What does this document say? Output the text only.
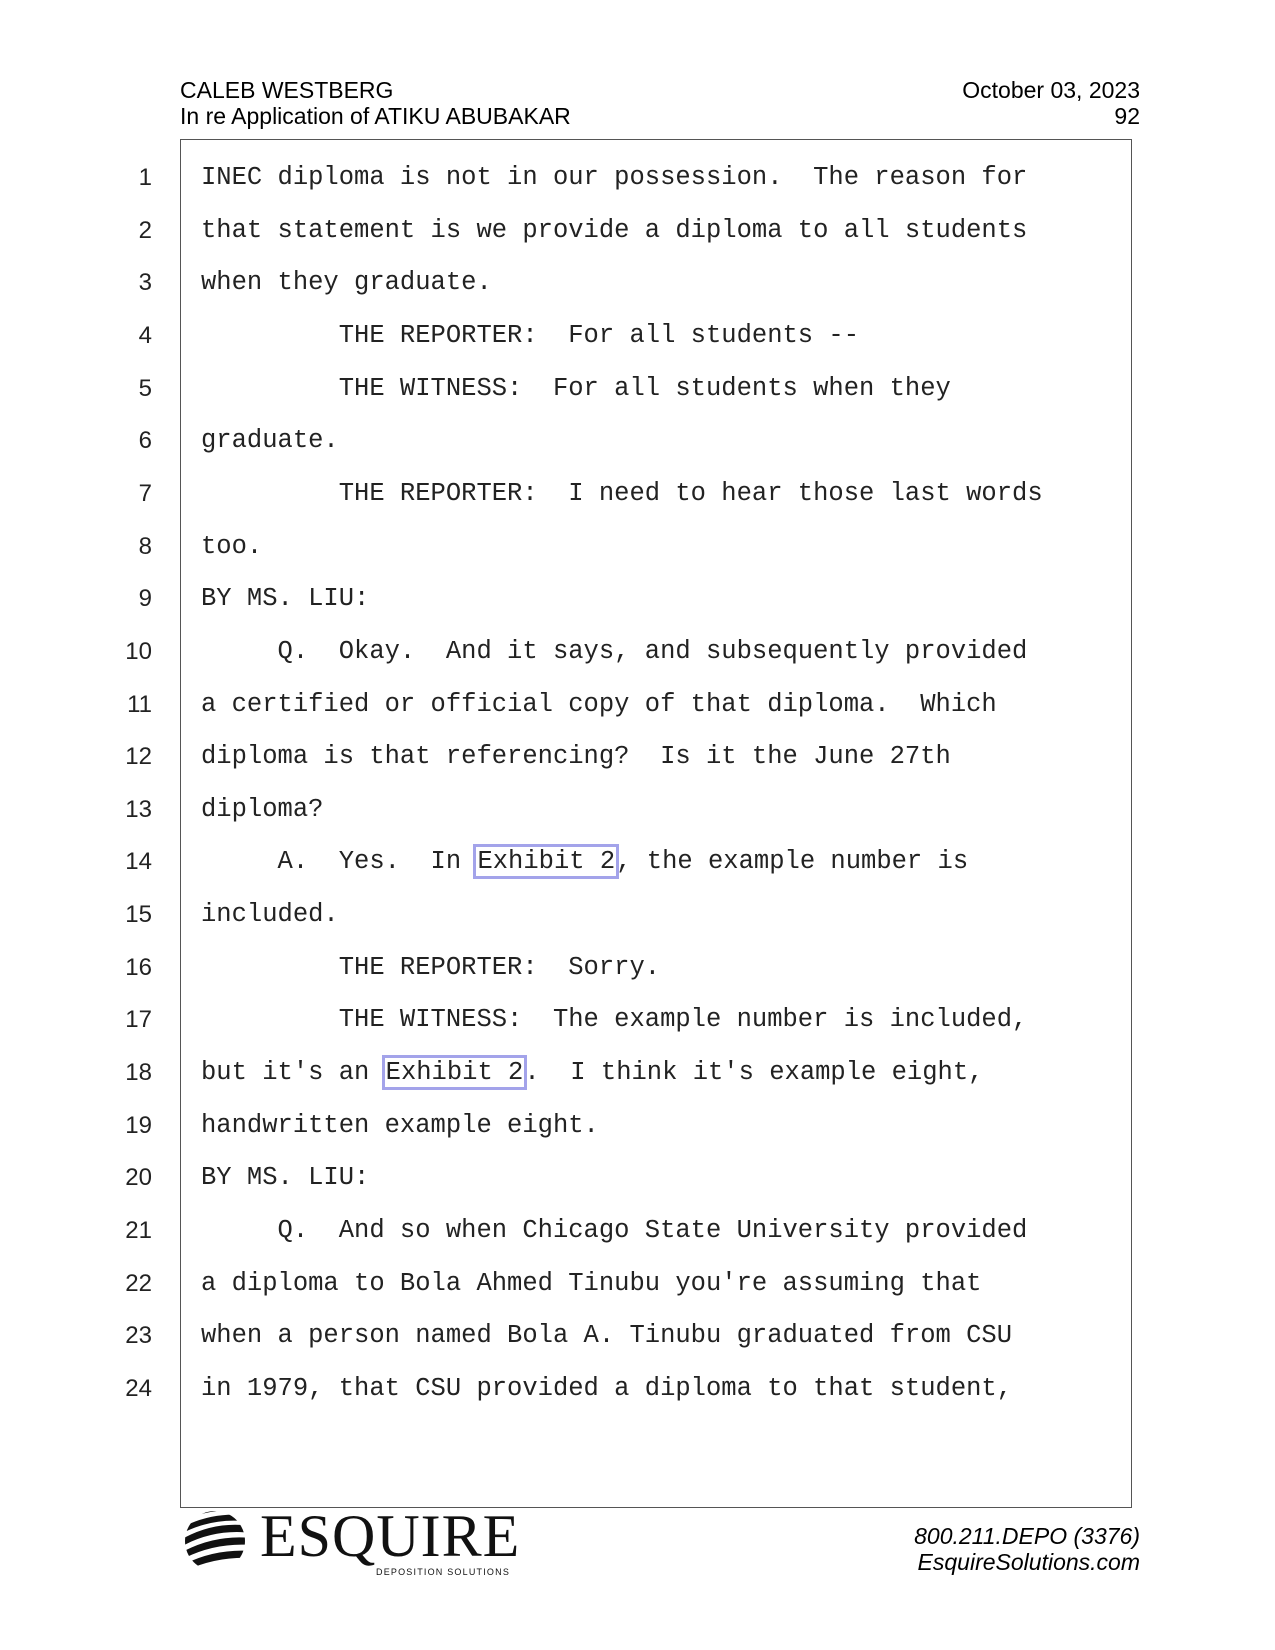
CALEB WESTBERG
In re Application of ATIKU ABUBAKAR
October 03, 2023
92
1 INEC diploma is not in our possession.  The reason for
2 that statement is we provide a diploma to all students
3 when they graduate.
4 THE REPORTER:  For all students --
5 THE WITNESS:  For all students when they
6 graduate.
7 THE REPORTER:  I need to hear those last words
8 too.
9 BY MS. LIU:
10 Q.  Okay.  And it says, and subsequently provided
11 a certified or official copy of that diploma.  Which
12 diploma is that referencing?  Is it the June 27th
13 diploma?
14 A.  Yes.  In Exhibit 2, the example number is
15 included.
16 THE REPORTER:  Sorry.
17 THE WITNESS:  The example number is included,
18 but it's an Exhibit 2.  I think it's example eight,
19 handwritten example eight.
20 BY MS. LIU:
21 Q.  And so when Chicago State University provided
22 a diploma to Bola Ahmed Tinubu you're assuming that
23 when a person named Bola A. Tinubu graduated from CSU
24 in 1979, that CSU provided a diploma to that student,
ESQUIRE
DEPOSITION SOLUTIONS
800.211.DEPO (3376)
EsquireSolutions.com
